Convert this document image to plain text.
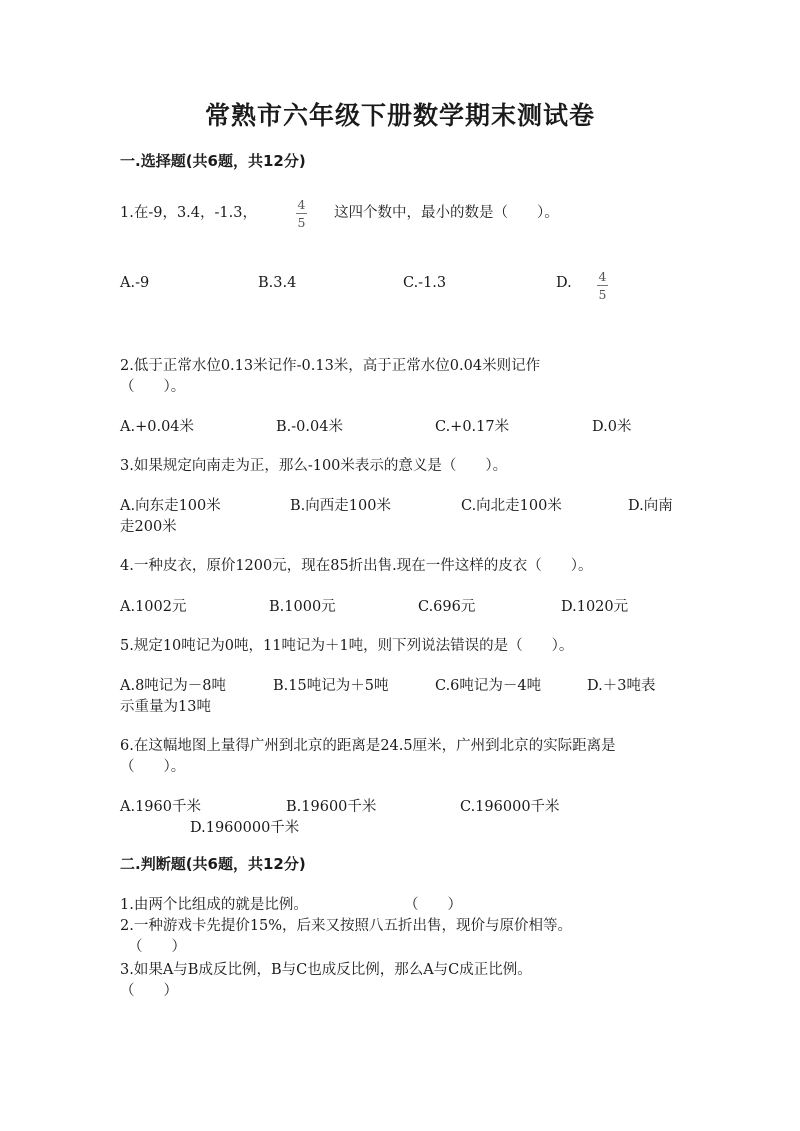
常熟市六年级下册数学期末测试卷
一.选择题(共6题，共12分)
1.在-9，3.4，-1.3，
4
5
这四个数中，最小的数是（　　）。
A.-9	B.3.4	C.-1.3	D. 4
5
2.低于正常水位0.13米记作-0.13米，高于正常水位0.04米则记作
（　　）。
A.+0.04米	B.-0.04米	C.+0.17米	D.0米
3.如果规定向南走为正，那么-100米表示的意义是（　　）。
A.向东走100米	B.向西走100米	C.向北走100米	D.向南
走200米
4.一种皮衣，原价1200元，现在85折出售.现在一件这样的皮衣（　　）。
A.1002元	B.1000元	C.696元	D.1020元
5.规定10吨记为0吨，11吨记为＋1吨，则下列说法错误的是（　　）。
A.8吨记为－8吨	B.15吨记为＋5吨	C.6吨记为－4吨	D.＋3吨表
示重量为13吨
6.在这幅地图上量得广州到北京的距离是24.5厘米，广州到北京的实际距离是
（　　）。
A.1960千米	B.19600千米	C.196000千米
D.1960000千米
二.判断题(共6题，共12分)
1.由两个比组成的就是比例。	（　　）
2.一种游戏卡先提价15%，后来又按照八五折出售，现价与原价相等。
（　　）
3.如果A与B成反比例，B与C也成反比例，那么A与C成正比例。
（　　）
